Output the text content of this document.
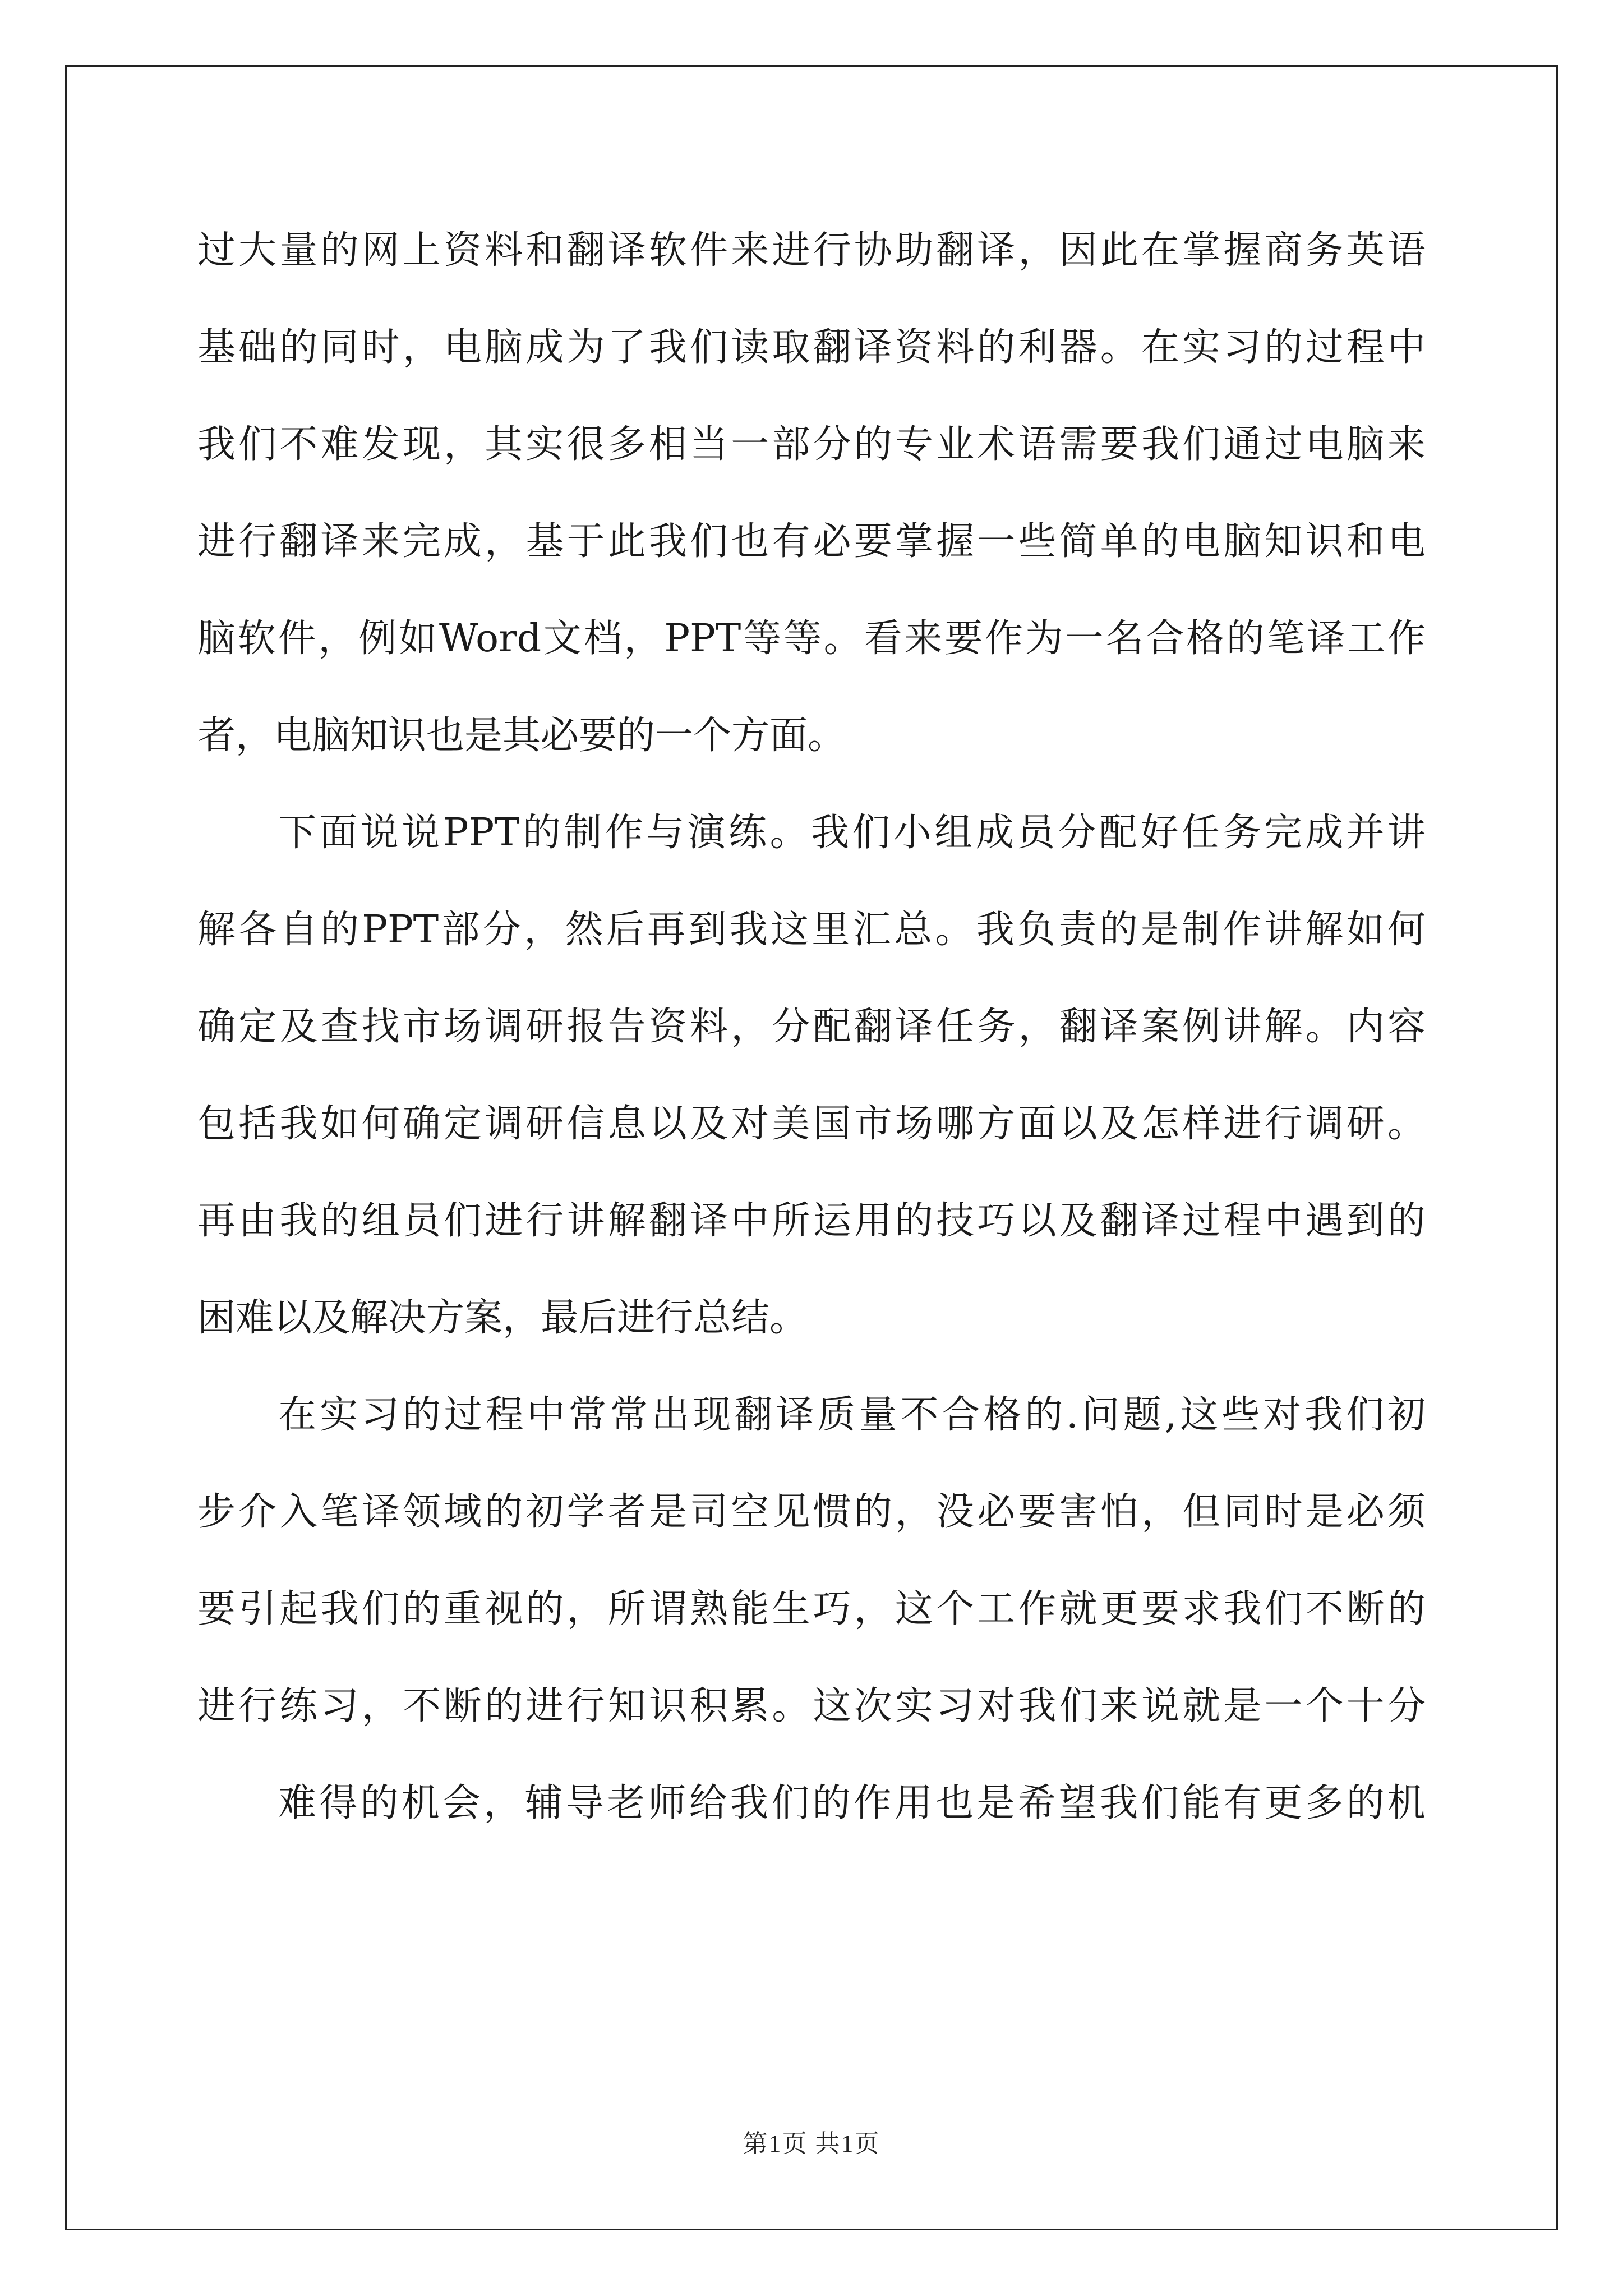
过大量的网上资料和翻译软件来进行协助翻译，因此在掌握商务英语
基础的同时，电脑成为了我们读取翻译资料的利器。在实习的过程中
我们不难发现，其实很多相当一部分的专业术语需要我们通过电脑来
进行翻译来完成，基于此我们也有必要掌握一些简单的电脑知识和电
脑软件，例如Word文档，PPT等等。看来要作为一名合格的笔译工作
者，电脑知识也是其必要的一个方面。
下面说说PPT的制作与演练。我们小组成员分配好任务完成并讲
解各自的PPT部分，然后再到我这里汇总。我负责的是制作讲解如何
确定及查找市场调研报告资料，分配翻译任务，翻译案例讲解。内容
包括我如何确定调研信息以及对美国市场哪方面以及怎样进行调研。
再由我的组员们进行讲解翻译中所运用的技巧以及翻译过程中遇到的
困难以及解决方案，最后进行总结。
在实习的过程中常常出现翻译质量不合格的.问题,这些对我们初
步介入笔译领域的初学者是司空见惯的，没必要害怕，但同时是必须
要引起我们的重视的，所谓熟能生巧，这个工作就更要求我们不断的
进行练习，不断的进行知识积累。这次实习对我们来说就是一个十分
难得的机会，辅导老师给我们的作用也是希望我们能有更多的机
第1页 共1页
